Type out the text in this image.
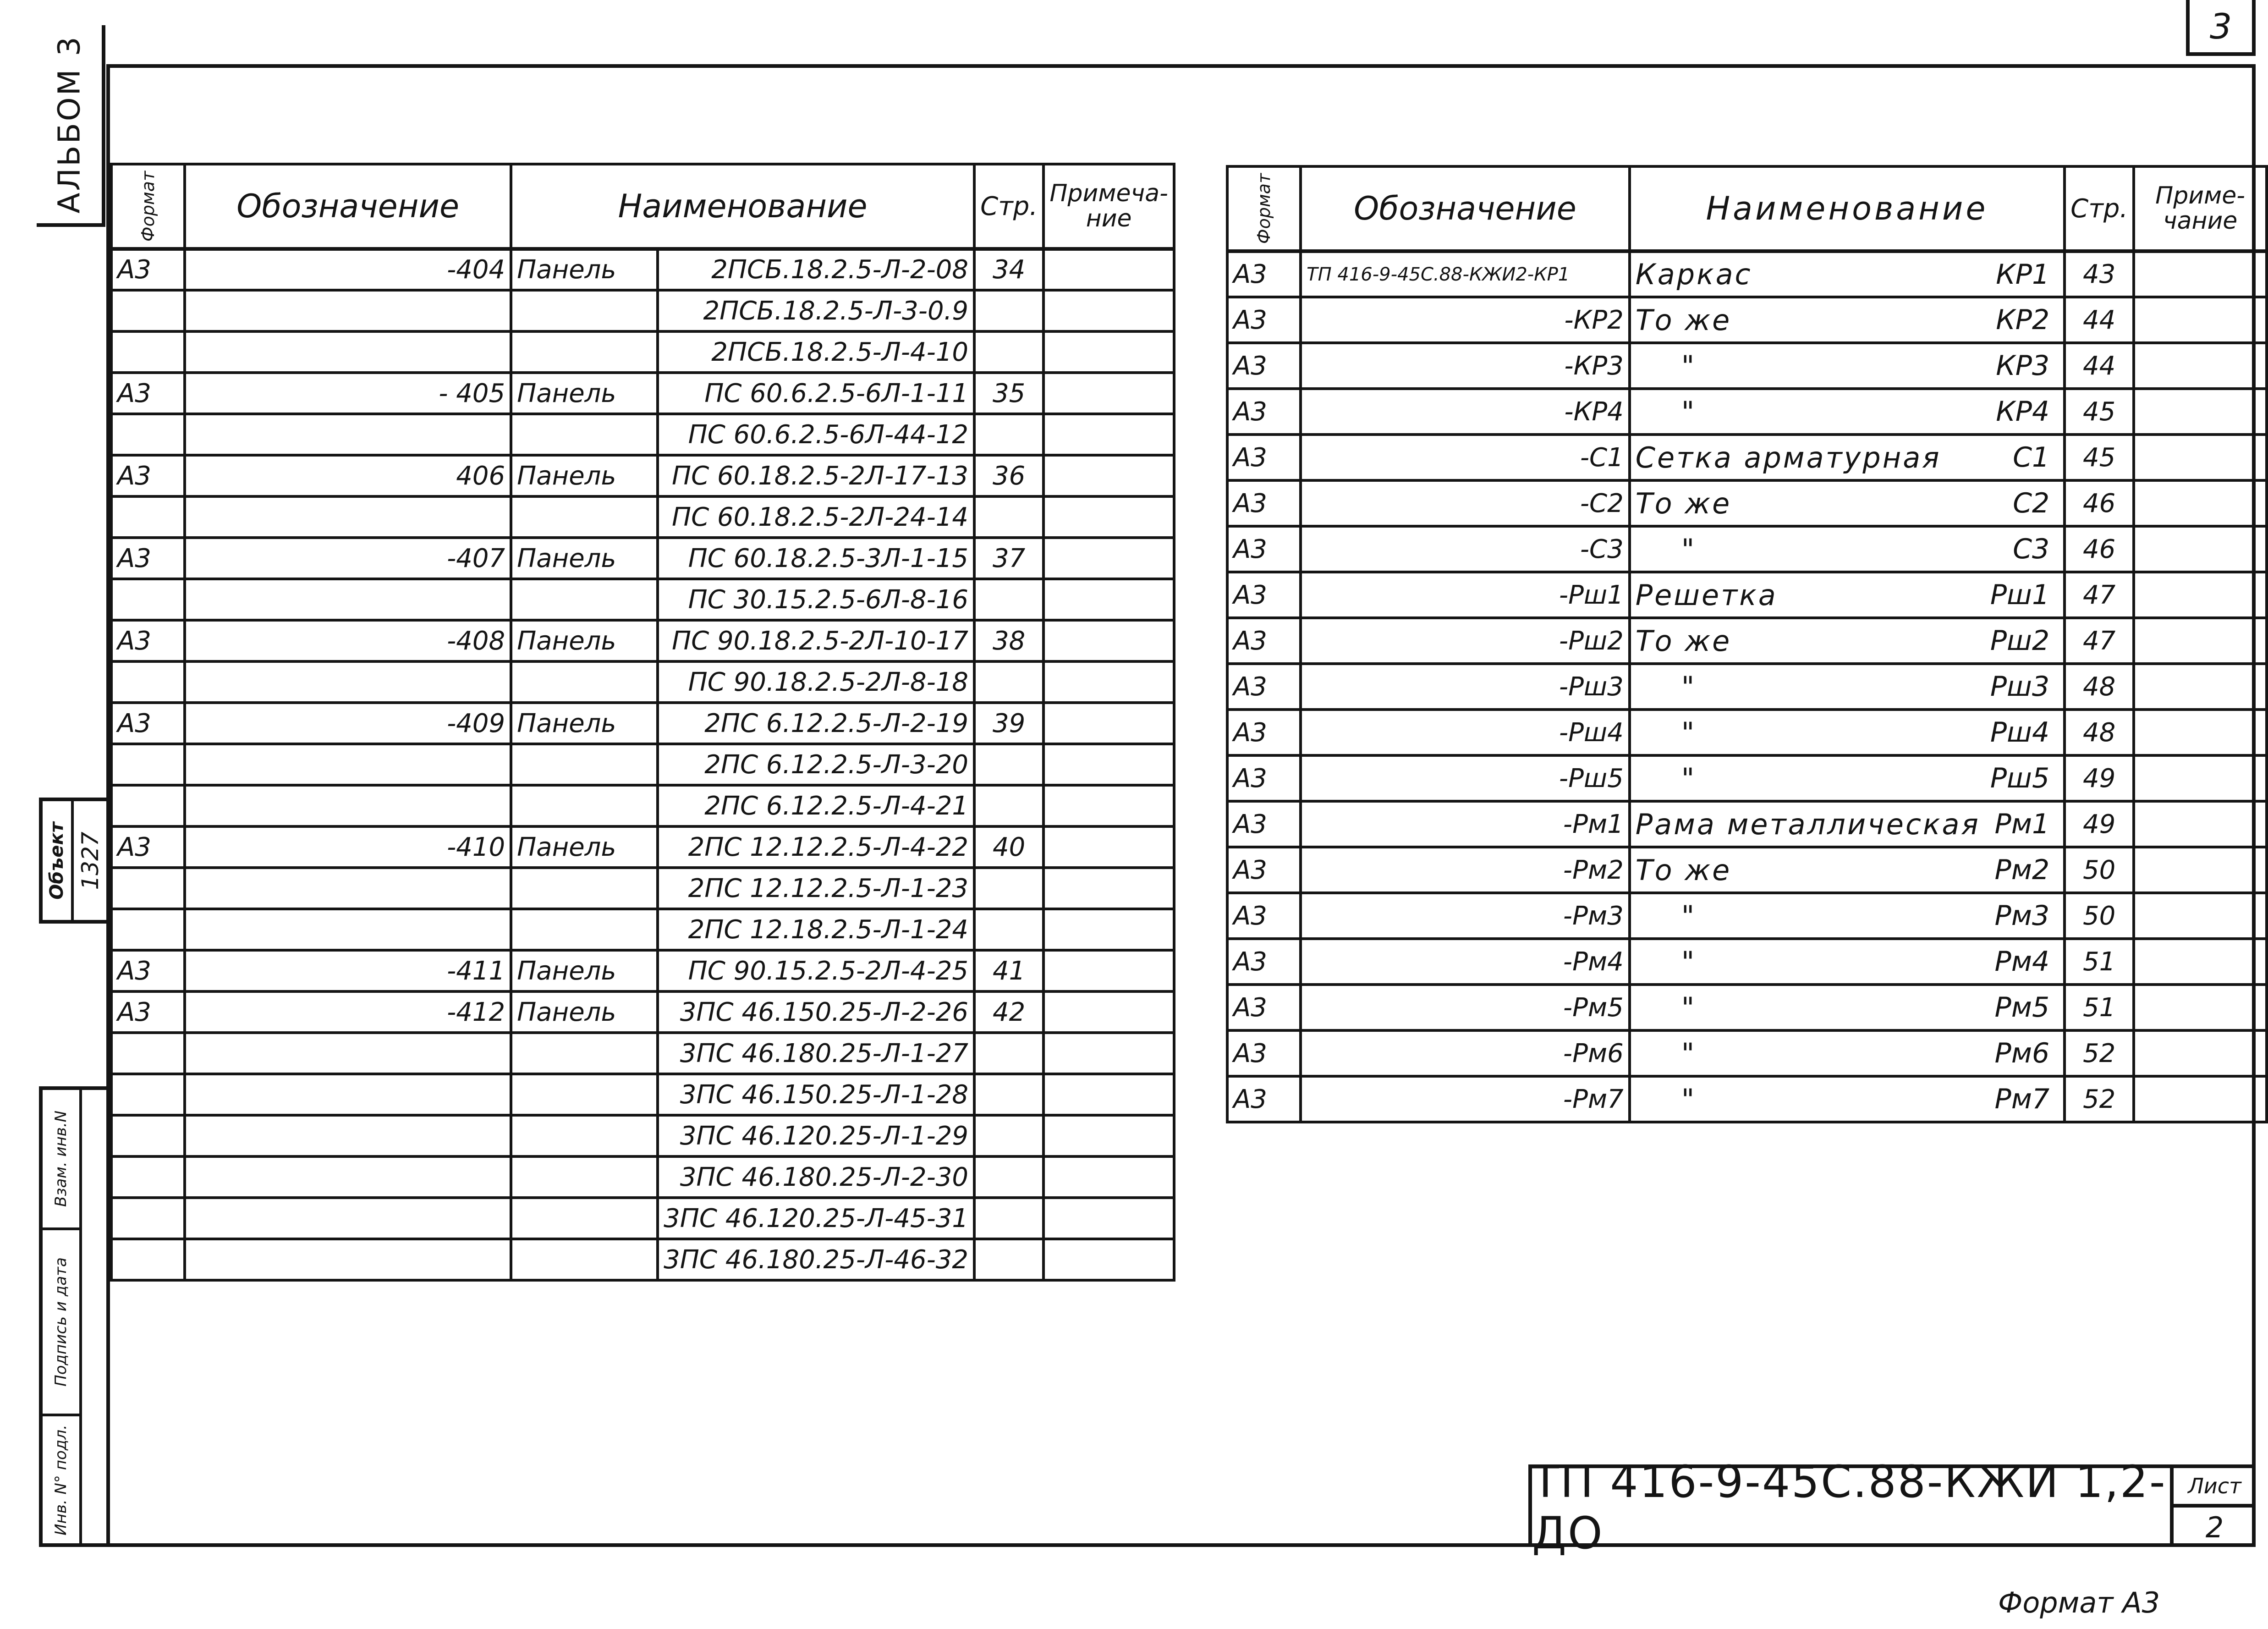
3
АЛЬБОМ 3
Объект 1327
Взам. инв.N
Подпись и дата
Инв. N° подл.
Формат	Обозначение	Наименование		Стр.	Примеча-ние
А3	-404	Панель	2ПСБ.18.2.5-Л-2-08	34	
			2ПСБ.18.2.5-Л-3-0.9		
			2ПСБ.18.2.5-Л-4-10		
А3	- 405	Панель	ПС 60.6.2.5-6Л-1-11	35	
			ПС 60.6.2.5-6Л-44-12		
А3	406	Панель	ПС 60.18.2.5-2Л-17-13	36	
			ПС 60.18.2.5-2Л-24-14		
А3	-407	Панель	ПС 60.18.2.5-3Л-1-15	37	
			ПС 30.15.2.5-6Л-8-16		
А3	-408	Панель	ПС 90.18.2.5-2Л-10-17	38	
			ПС 90.18.2.5-2Л-8-18		
А3	-409	Панель	2ПС 6.12.2.5-Л-2-19	39	
			2ПС 6.12.2.5-Л-3-20		
			2ПС 6.12.2.5-Л-4-21		
А3	-410	Панель	2ПС 12.12.2.5-Л-4-22	40	
			2ПС 12.12.2.5-Л-1-23		
			2ПС 12.18.2.5-Л-1-24		
А3	-411	Панель	ПС 90.15.2.5-2Л-4-25	41	
А3	-412	Панель	3ПС 46.150.25-Л-2-26	42	
			3ПС 46.180.25-Л-1-27		
			3ПС 46.150.25-Л-1-28		
			3ПС 46.120.25-Л-1-29		
			3ПС 46.180.25-Л-2-30		
			3ПС 46.120.25-Л-45-31		
			3ПС 46.180.25-Л-46-32		
Формат	Обозначение	Наименование	Стр.	Приме-чание
А3	ТП 416-9-45С.88-КЖИ2-КР1	Каркас КР1	43	
А3	-КР2	То же КР2	44	
А3	-КР3	" КР3	44	
А3	-КР4	" КР4	45	
А3	-С1	Сетка арматурная С1	45	
А3	-С2	То же С2	46	
А3	-С3	" С3	46	
А3	-Рш1	Решетка Рш1	47	
А3	-Рш2	То же Рш2	47	
А3	-Рш3	" Рш3	48	
А3	-Рш4	" Рш4	48	
А3	-Рш5	" Рш5	49	
А3	-Рм1	Рама металлическая Рм1	49	
А3	-Рм2	То же Рм2	50	
А3	-Рм3	" Рм3	50	
А3	-Рм4	" Рм4	51	
А3	-Рм5	" Рм5	51	
А3	-Рм6	" Рм6	52	
А3	-Рм7	" Рм7	52	
ТП 416-9-45С.88-КЖИ 1,2-ДО
Лист
2
Формат А3
